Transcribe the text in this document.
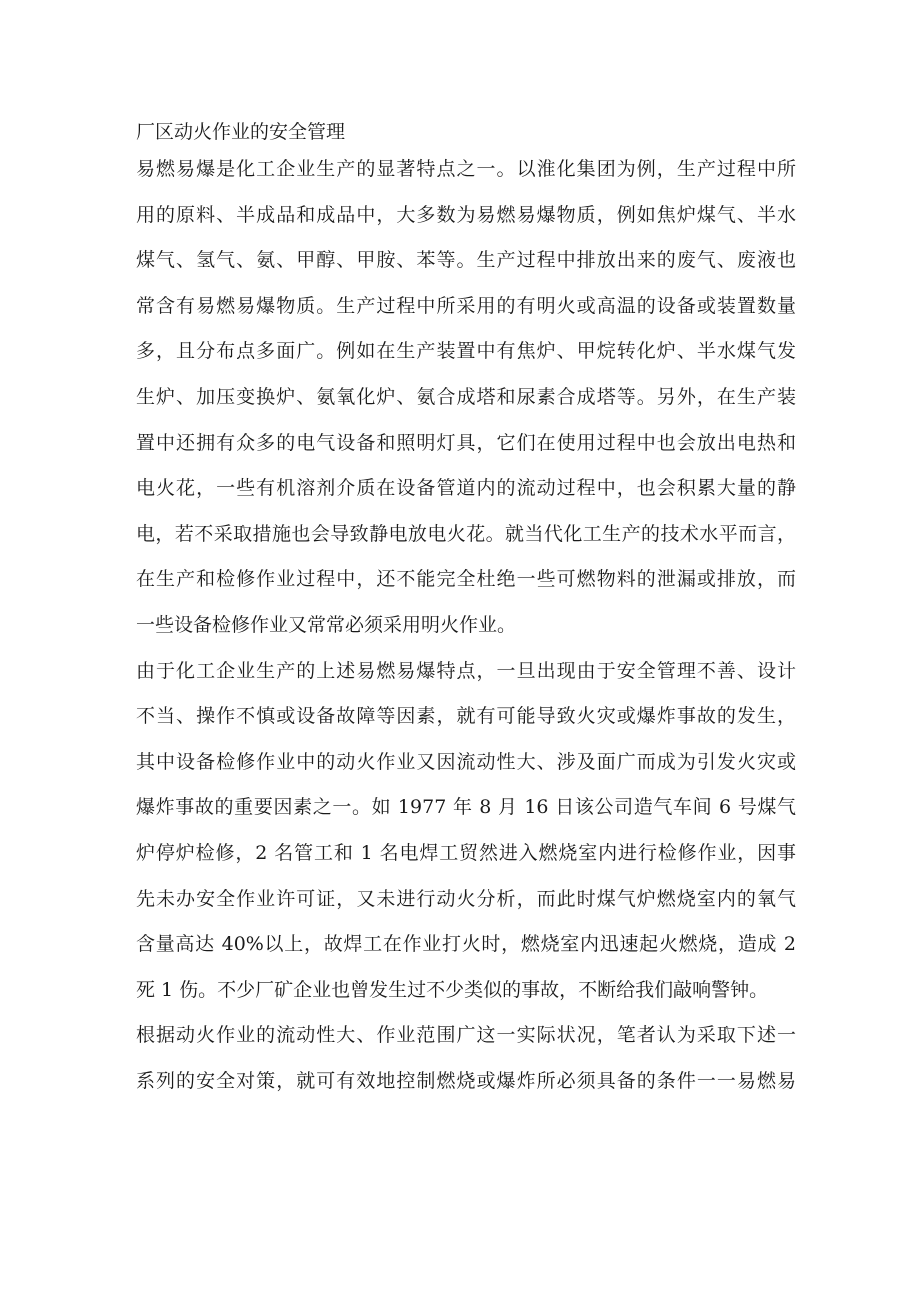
厂区动火作业的安全管理
易燃易爆是化工企业生产的显著特点之一。以淮化集团为例，生产过程中所
用的原料、半成品和成品中，大多数为易燃易爆物质，例如焦炉煤气、半水
煤气、氢气、氨、甲醇、甲胺、苯等。生产过程中排放出来的废气、废液也
常含有易燃易爆物质。生产过程中所采用的有明火或高温的设备或装置数量
多，且分布点多面广。例如在生产装置中有焦炉、甲烷转化炉、半水煤气发
生炉、加压变换炉、氨氧化炉、氨合成塔和尿素合成塔等。另外，在生产装
置中还拥有众多的电气设备和照明灯具，它们在使用过程中也会放出电热和
电火花，一些有机溶剂介质在设备管道内的流动过程中，也会积累大量的静
电，若不采取措施也会导致静电放电火花。就当代化工生产的技术水平而言，
在生产和检修作业过程中，还不能完全杜绝一些可燃物料的泄漏或排放，而
一些设备检修作业又常常必须采用明火作业。
由于化工企业生产的上述易燃易爆特点，一旦出现由于安全管理不善、设计
不当、操作不慎或设备故障等因素，就有可能导致火灾或爆炸事故的发生，
其中设备检修作业中的动火作业又因流动性大、涉及面广而成为引发火灾或
爆炸事故的重要因素之一。如 1977 年 8 月 16 日该公司造气车间 6 号煤气
炉停炉检修，2 名管工和 1 名电焊工贸然进入燃烧室内进行检修作业，因事
先未办安全作业许可证，又未进行动火分析，而此时煤气炉燃烧室内的氧气
含量高达 40%以上，故焊工在作业打火时，燃烧室内迅速起火燃烧，造成 2
死 1 伤。不少厂矿企业也曾发生过不少类似的事故，不断给我们敲响警钟。
根据动火作业的流动性大、作业范围广这一实际状况，笔者认为采取下述一
系列的安全对策，就可有效地控制燃烧或爆炸所必须具备的条件一一易燃易
